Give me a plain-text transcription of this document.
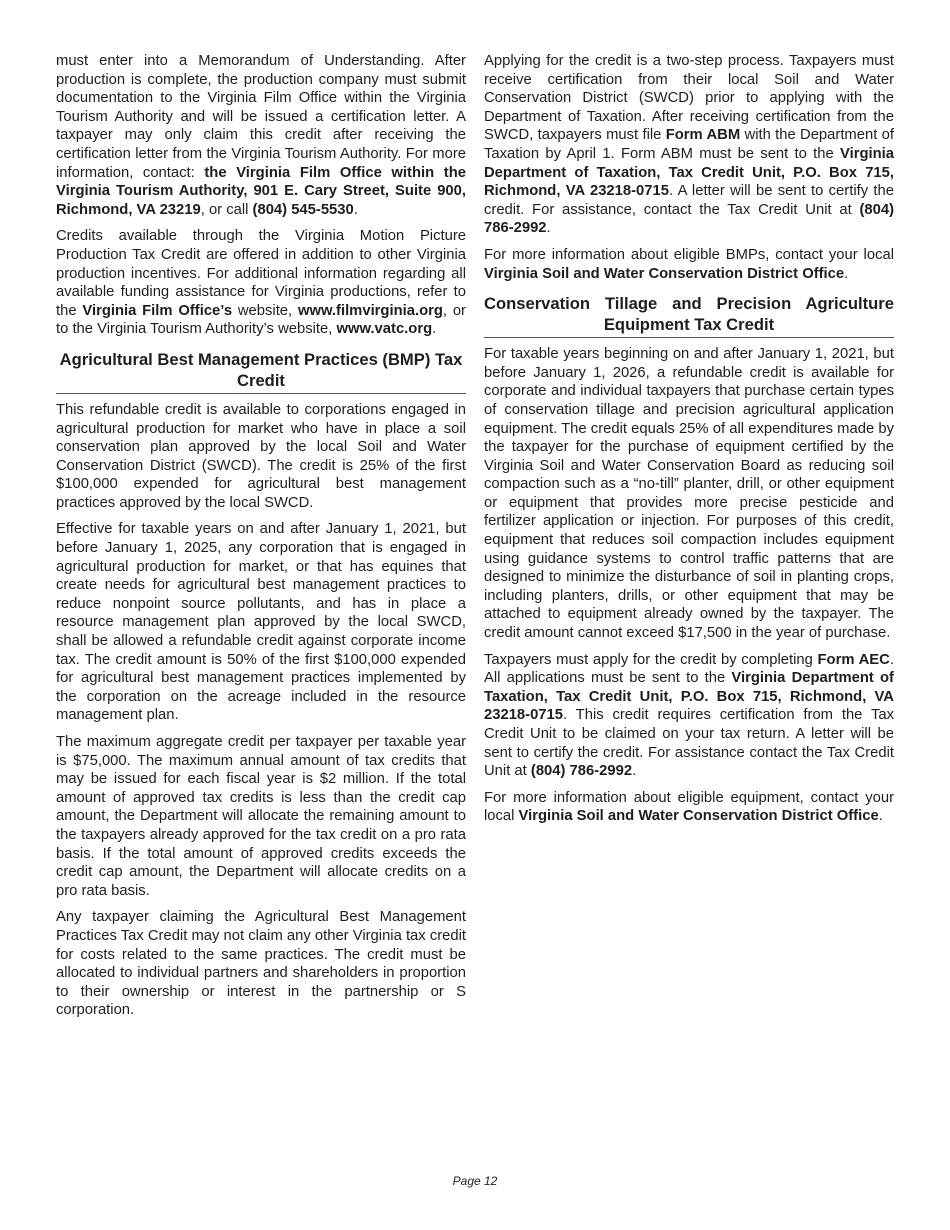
must enter into a Memorandum of Understanding. After production is complete, the production company must submit documentation to the Virginia Film Office within the Virginia Tourism Authority and will be issued a certification letter. A taxpayer may only claim this credit after receiving the certification letter from the Virginia Tourism Authority. For more information, contact: the Virginia Film Office within the Virginia Tourism Authority, 901 E. Cary Street, Suite 900, Richmond, VA 23219, or call (804) 545-5530.

Credits available through the Virginia Motion Picture Production Tax Credit are offered in addition to other Virginia production incentives. For additional information regarding all available funding assistance for Virginia productions, refer to the Virginia Film Office’s website, www.filmvirginia.org, or to the Virginia Tourism Authority’s website, www.vatc.org.

Agricultural Best Management Practices (BMP) Tax Credit

This refundable credit is available to corporations engaged in agricultural production for market who have in place a soil conservation plan approved by the local Soil and Water Conservation District (SWCD). The credit is 25% of the first $100,000 expended for agricultural best management practices approved by the local SWCD.

Effective for taxable years on and after January 1, 2021, but before January 1, 2025, any corporation that is engaged in agricultural production for market, or that has equines that create needs for agricultural best management practices to reduce nonpoint source pollutants, and has in place a resource management plan approved by the local SWCD, shall be allowed a refundable credit against corporate income tax. The credit amount is 50% of the first $100,000 expended for agricultural best management practices implemented by the corporation on the acreage included in the resource management plan.

The maximum aggregate credit per taxpayer per taxable year is $75,000. The maximum annual amount of tax credits that may be issued for each fiscal year is $2 million. If the total amount of approved tax credits is less than the credit cap amount, the Department will allocate the remaining amount to the taxpayers already approved for the tax credit on a pro rata basis. If the total amount of approved credits exceeds the credit cap amount, the Department will allocate credits on a pro rata basis.

Any taxpayer claiming the Agricultural Best Management Practices Tax Credit may not claim any other Virginia tax credit for costs related to the same practices. The credit must be allocated to individual partners and shareholders in proportion to their ownership or interest in the partnership or S corporation.

Applying for the credit is a two-step process. Taxpayers must receive certification from their local Soil and Water Conservation District (SWCD) prior to applying with the Department of Taxation. After receiving certification from the SWCD, taxpayers must file Form ABM with the Department of Taxation by April 1. Form ABM must be sent to the Virginia Department of Taxation, Tax Credit Unit, P.O. Box 715, Richmond, VA 23218-0715. A letter will be sent to certify the credit. For assistance, contact the Tax Credit Unit at (804) 786-2992.

For more information about eligible BMPs, contact your local Virginia Soil and Water Conservation District Office.

Conservation Tillage and Precision Agriculture Equipment Tax Credit

For taxable years beginning on and after January 1, 2021, but before January 1, 2026, a refundable credit is available for corporate and individual taxpayers that purchase certain types of conservation tillage and precision agricultural application equipment. The credit equals 25% of all expenditures made by the taxpayer for the purchase of equipment certified by the Virginia Soil and Water Conservation Board as reducing soil compaction such as a “no-till” planter, drill, or other equipment or equipment that provides more precise pesticide and fertilizer application or injection. For purposes of this credit, equipment that reduces soil compaction includes equipment using guidance systems to control traffic patterns that are designed to minimize the disturbance of soil in planting crops, including planters, drills, or other equipment that may be attached to equipment already owned by the taxpayer. The credit amount cannot exceed $17,500 in the year of purchase.

Taxpayers must apply for the credit by completing Form AEC. All applications must be sent to the Virginia Department of Taxation, Tax Credit Unit, P.O. Box 715, Richmond, VA 23218-0715. This credit requires certification from the Tax Credit Unit to be claimed on your tax return. A letter will be sent to certify the credit. For assistance contact the Tax Credit Unit at (804) 786-2992.

For more information about eligible equipment, contact your local Virginia Soil and Water Conservation District Office.

Page 12
